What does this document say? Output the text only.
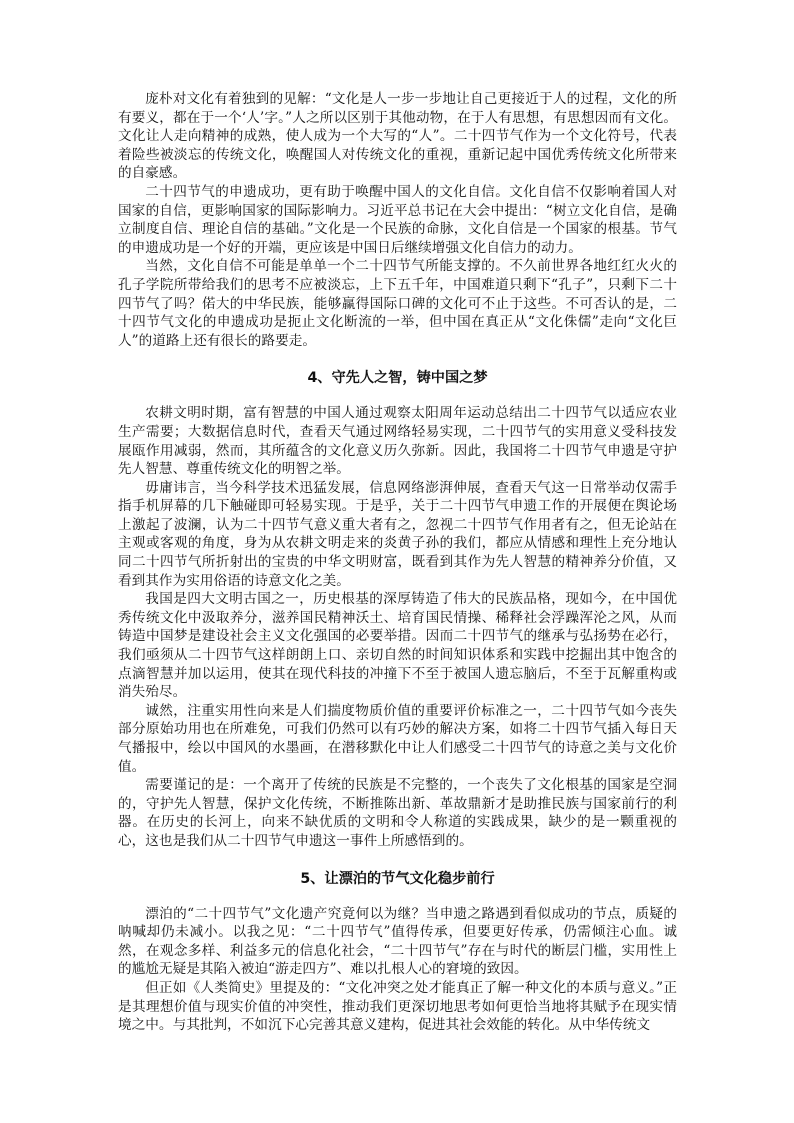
庞朴对文化有着独到的见解：“文化是人一步一步地让自己更接近于人的过程，文化的所有要义，都在于一个‘人’字。”人之所以区别于其他动物，在于人有思想，有思想因而有文化。文化让人走向精神的成熟，使人成为一个大写的“人”。二十四节气作为一个文化符号，代表着险些被淡忘的传统文化，唤醒国人对传统文化的重视，重新记起中国优秀传统文化所带来的自豪感。

二十四节气的申遗成功，更有助于唤醒中国人的文化自信。文化自信不仅影响着国人对国家的自信，更影响国家的国际影响力。习近平总书记在大会中提出：“树立文化自信，是确立制度自信、理论自信的基础。”文化是一个民族的命脉，文化自信是一个国家的根基。节气的申遗成功是一个好的开端，更应该是中国日后继续增强文化自信力的动力。

当然，文化自信不可能是单单一个二十四节气所能支撑的。不久前世界各地红红火火的孔子学院所带给我们的思考不应被淡忘，上下五千年，中国难道只剩下“孔子”，只剩下二十四节气了吗？偌大的中华民族，能够赢得国际口碑的文化可不止于这些。不可否认的是，二十四节气文化的申遗成功是扼止文化断流的一举，但中国在真正从“文化侏儒”走向“文化巨人”的道路上还有很长的路要走。

4、守先人之智，铸中国之梦

农耕文明时期，富有智慧的中国人通过观察太阳周年运动总结出二十四节气以适应农业生产需要；大数据信息时代，查看天气通过网络轻易实现，二十四节气的实用意义受科技发展瓯作用减弱，然而，其所蕴含的文化意义历久弥新。因此，我国将二十四节气申遗是守护先人智慧、尊重传统文化的明智之举。

毋庸讳言，当今科学技术迅猛发展，信息网络澎湃伸展，查看天气这一日常举动仅需手指手机屏幕的几下触碰即可轻易实现。于是乎，关于二十四节气申遗工作的开展便在舆论场上激起了波澜，认为二十四节气意义重大者有之，忽视二十四节气作用者有之，但无论站在主观或客观的角度，身为从农耕文明走来的炎黄子孙的我们，都应从情感和理性上充分地认同二十四节气所折射出的宝贵的中华文明财富，既看到其作为先人智慧的精神养分价值，又看到其作为实用俗语的诗意文化之美。

我国是四大文明古国之一，历史根基的深厚铸造了伟大的民族品格，现如今，在中国优秀传统文化中汲取养分，滋养国民精神沃土、培育国民情操、稀释社会浮躁浑沦之风，从而铸造中国梦是建设社会主义文化强国的必要举措。因而二十四节气的继承与弘扬势在必行，我们亟须从二十四节气这样朗朗上口、亲切自然的时间知识体系和实践中挖掘出其中饱含的点滴智慧并加以运用，使其在现代科技的冲撞下不至于被国人遗忘脑后，不至于瓦解重构或消失殆尽。

诚然，注重实用性向来是人们揣度物质价值的重要评价标准之一，二十四节气如今丧失部分原始功用也在所难免，可我们仍然可以有巧妙的解决方案，如将二十四节气插入每日天气播报中，绘以中国风的水墨画，在潜移默化中让人们感受二十四节气的诗意之美与文化价值。

需要谨记的是：一个离开了传统的民族是不完整的，一个丧失了文化根基的国家是空洞的，守护先人智慧，保护文化传统，不断推陈出新、革故鼎新才是助推民族与国家前行的利器。在历史的长河上，向来不缺优质的文明和令人称道的实践成果，缺少的是一颗重视的心，这也是我们从二十四节气申遗这一事件上所感悟到的。

5、让漂泊的节气文化稳步前行

漂泊的“二十四节气”文化遗产究竟何以为继？当申遗之路遇到看似成功的节点，质疑的呐喊却仍未减小。以我之见：“二十四节气”值得传承，但要更好传承，仍需倾注心血。诚然，在观念多样、利益多元的信息化社会，“二十四节气”存在与时代的断层门槛，实用性上的尴尬无疑是其陷入被迫“游走四方”、难以扎根人心的窘境的致因。

但正如《人类简史》里提及的：“文化冲突之处才能真正了解一种文化的本质与意义。”正是其理想价值与现实价值的冲突性，推动我们更深切地思考如何更恰当地将其赋予在现实情境之中。与其批判，不如沉下心完善其意义建构，促进其社会效能的转化。从中华传统文
